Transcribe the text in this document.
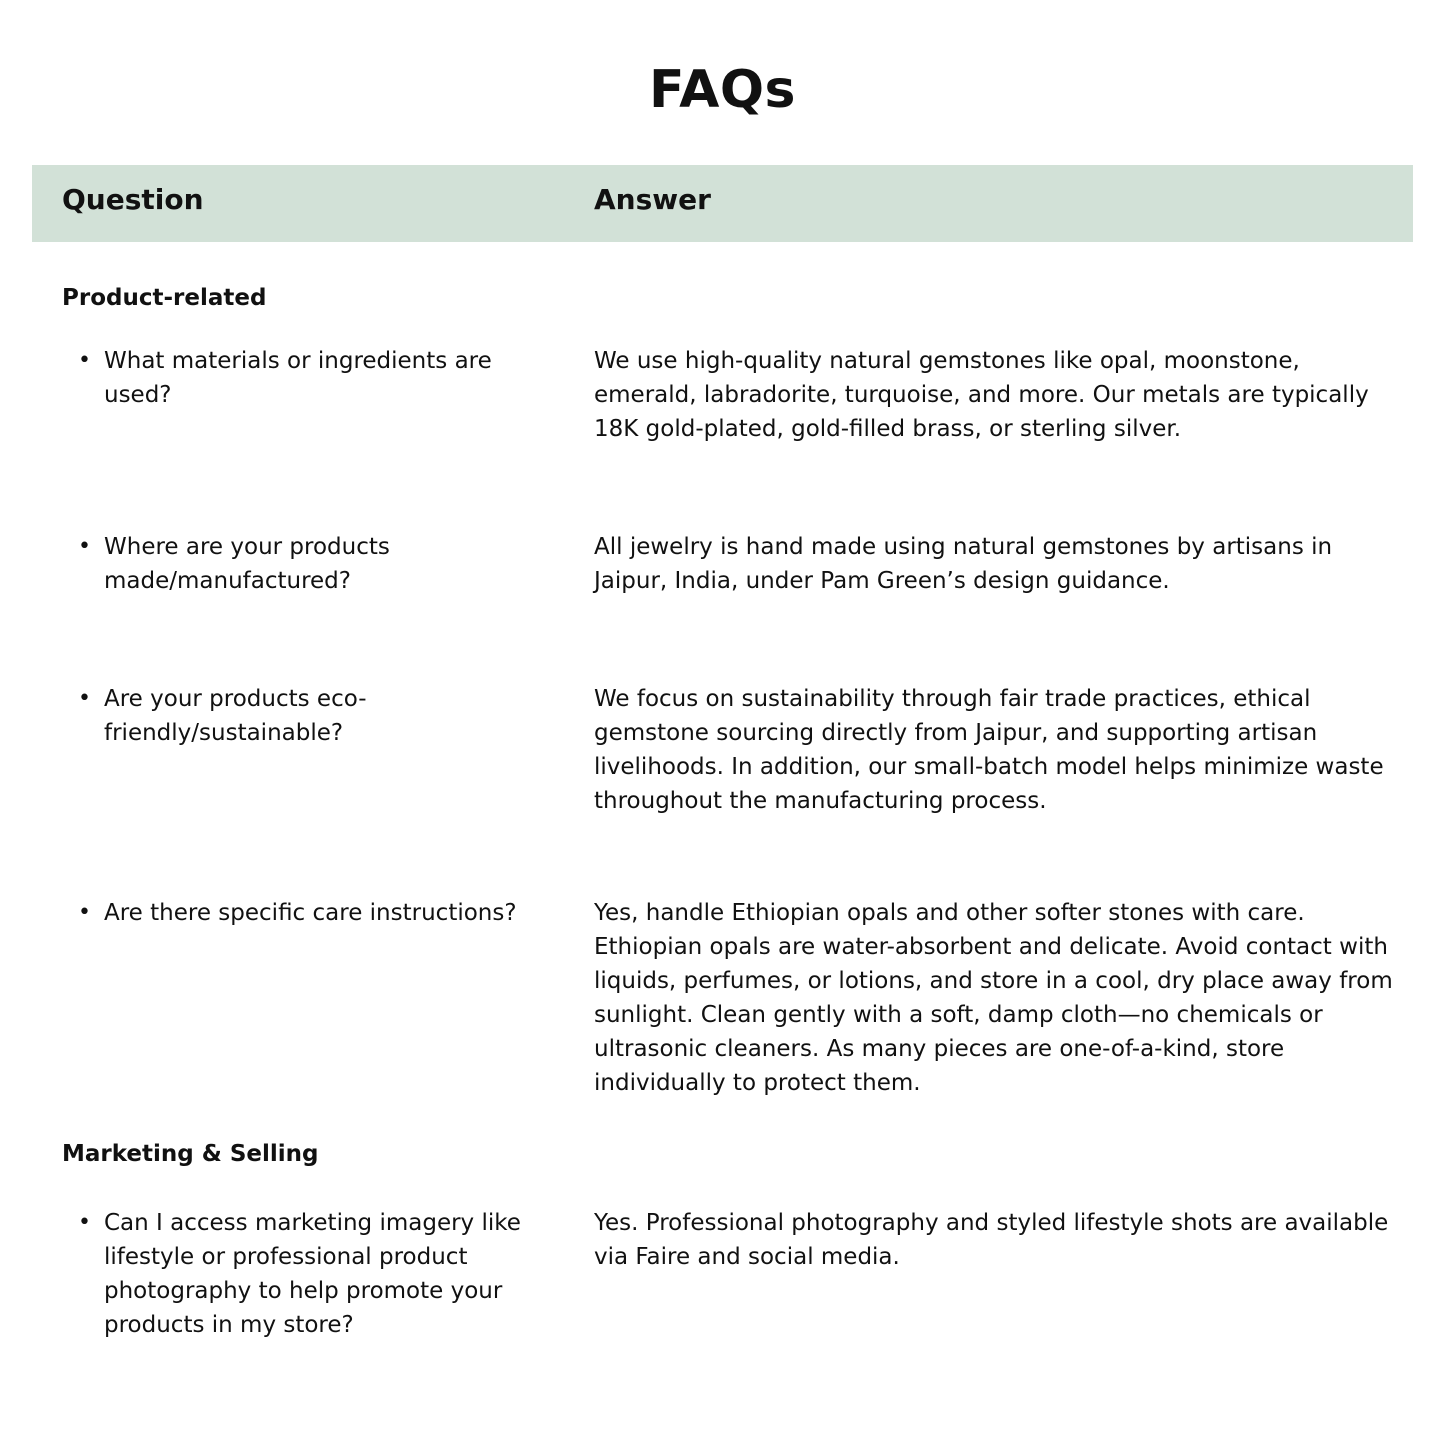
FAQs
Question	Answer
Product-related
• What materials or ingredients are used?
We use high-quality natural gemstones like opal, moonstone, emerald, labradorite, turquoise, and more. Our metals are typically 18K gold-plated, gold-filled brass, or sterling silver.
• Where are your products made/manufactured?
All jewelry is hand made using natural gemstones by artisans in Jaipur, India, under Pam Green’s design guidance.
• Are your products eco-friendly/sustainable?
We focus on sustainability through fair trade practices, ethical gemstone sourcing directly from Jaipur, and supporting artisan livelihoods. In addition, our small-batch model helps minimize waste throughout the manufacturing process.
• Are there specific care instructions?	Yes, handle Ethiopian opals and other softer stones with care. Ethiopian opals are water-absorbent and delicate. Avoid contact with liquids, perfumes, or lotions, and store in a cool, dry place away from sunlight. Clean gently with a soft, damp cloth—no chemicals or ultrasonic cleaners. As many pieces are one-of-a-kind, store individually to protect them.
Marketing & Selling
• Can I access marketing imagery like lifestyle or professional product photography to help promote your products in my store?
Yes. Professional photography and styled lifestyle shots are available via Faire and social media.
